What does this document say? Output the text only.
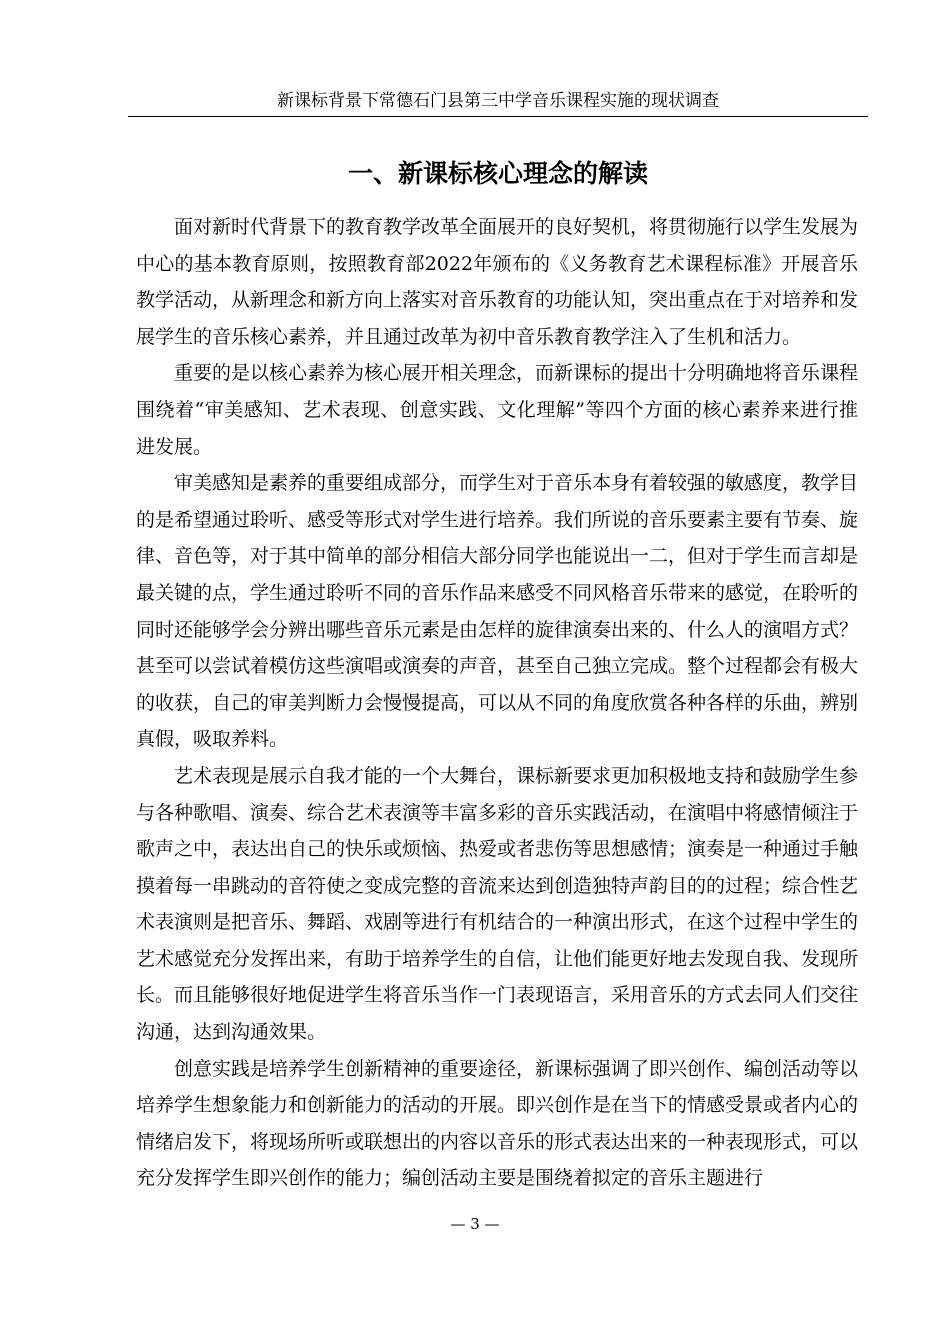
新课标背景下常德石门县第三中学音乐课程实施的现状调查
一、新课标核心理念的解读

面对新时代背景下的教育教学改革全面展开的良好契机，将贯彻施行以学生发展为中心的基本教育原则，按照教育部2022年颁布的《义务教育艺术课程标准》开展音乐教学活动，从新理念和新方向上落实对音乐教育的功能认知，突出重点在于对培养和发展学生的音乐核心素养，并且通过改革为初中音乐教育教学注入了生机和活力。

重要的是以核心素养为核心展开相关理念，而新课标的提出十分明确地将音乐课程围绕着“审美感知、艺术表现、创意实践、文化理解”等四个方面的核心素养来进行推进发展。

审美感知是素养的重要组成部分，而学生对于音乐本身有着较强的敏感度，教学目的是希望通过聆听、感受等形式对学生进行培养。我们所说的音乐要素主要有节奏、旋律、音色等，对于其中简单的部分相信大部分同学也能说出一二，但对于学生而言却是最关键的点，学生通过聆听不同的音乐作品来感受不同风格音乐带来的感觉，在聆听的同时还能够学会分辨出哪些音乐元素是由怎样的旋律演奏出来的、什么人的演唱方式？甚至可以尝试着模仿这些演唱或演奏的声音，甚至自己独立完成。整个过程都会有极大的收获，自己的审美判断力会慢慢提高，可以从不同的角度欣赏各种各样的乐曲，辨别真假，吸取养料。

艺术表现是展示自我才能的一个大舞台，课标新要求更加积极地支持和鼓励学生参与各种歌唱、演奏、综合艺术表演等丰富多彩的音乐实践活动，在演唱中将感情倾注于歌声之中，表达出自己的快乐或烦恼、热爱或者悲伤等思想感情；演奏是一种通过手触摸着每一串跳动的音符使之变成完整的音流来达到创造独特声韵目的的过程；综合性艺术表演则是把音乐、舞蹈、戏剧等进行有机结合的一种演出形式，在这个过程中学生的艺术感觉充分发挥出来，有助于培养学生的自信，让他们能更好地去发现自我、发现所长。而且能够很好地促进学生将音乐当作一门表现语言，采用音乐的方式去同人们交往沟通，达到沟通效果。

创意实践是培养学生创新精神的重要途径，新课标强调了即兴创作、编创活动等以培养学生想象能力和创新能力的活动的开展。即兴创作是在当下的情感受景或者内心的情绪启发下，将现场所听或联想出的内容以音乐的形式表达出来的一种表现形式，可以充分发挥学生即兴创作的能力；编创活动主要是围绕着拟定的音乐主题进行

— 3 —
